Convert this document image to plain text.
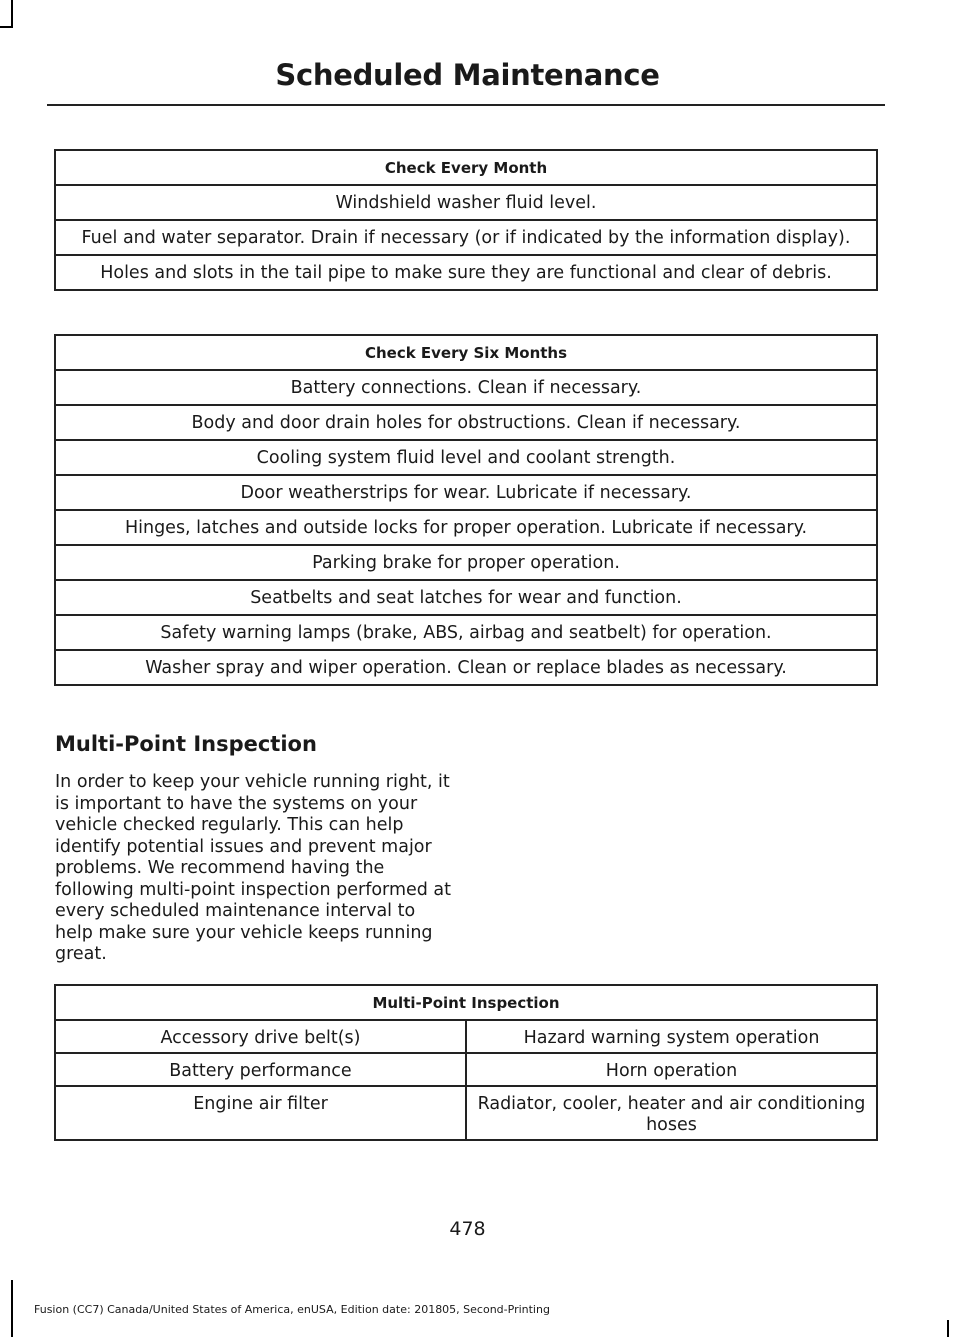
Scheduled Maintenance
Check Every Month
Windshield washer fluid level.
Fuel and water separator. Drain if necessary (or if indicated by the information display).
Holes and slots in the tail pipe to make sure they are functional and clear of debris.
Check Every Six Months
Battery connections. Clean if necessary.
Body and door drain holes for obstructions. Clean if necessary.
Cooling system fluid level and coolant strength.
Door weatherstrips for wear. Lubricate if necessary.
Hinges, latches and outside locks for proper operation. Lubricate if necessary.
Parking brake for proper operation.
Seatbelts and seat latches for wear and function.
Safety warning lamps (brake, ABS, airbag and seatbelt) for operation.
Washer spray and wiper operation. Clean or replace blades as necessary.
Multi-Point Inspection

In order to keep your vehicle running right, it is important to have the systems on your vehicle checked regularly. This can help identify potential issues and prevent major problems. We recommend having the following multi-point inspection performed at every scheduled maintenance interval to help make sure your vehicle keeps running great.

Multi-Point Inspection	
Accessory drive belt(s)	Hazard warning system operation
Battery performance	Horn operation
Engine air filter	Radiator, cooler, heater and air conditioning hoses
478
Fusion (CC7) Canada/United States of America, enUSA, Edition date: 201805, Second-Printing
